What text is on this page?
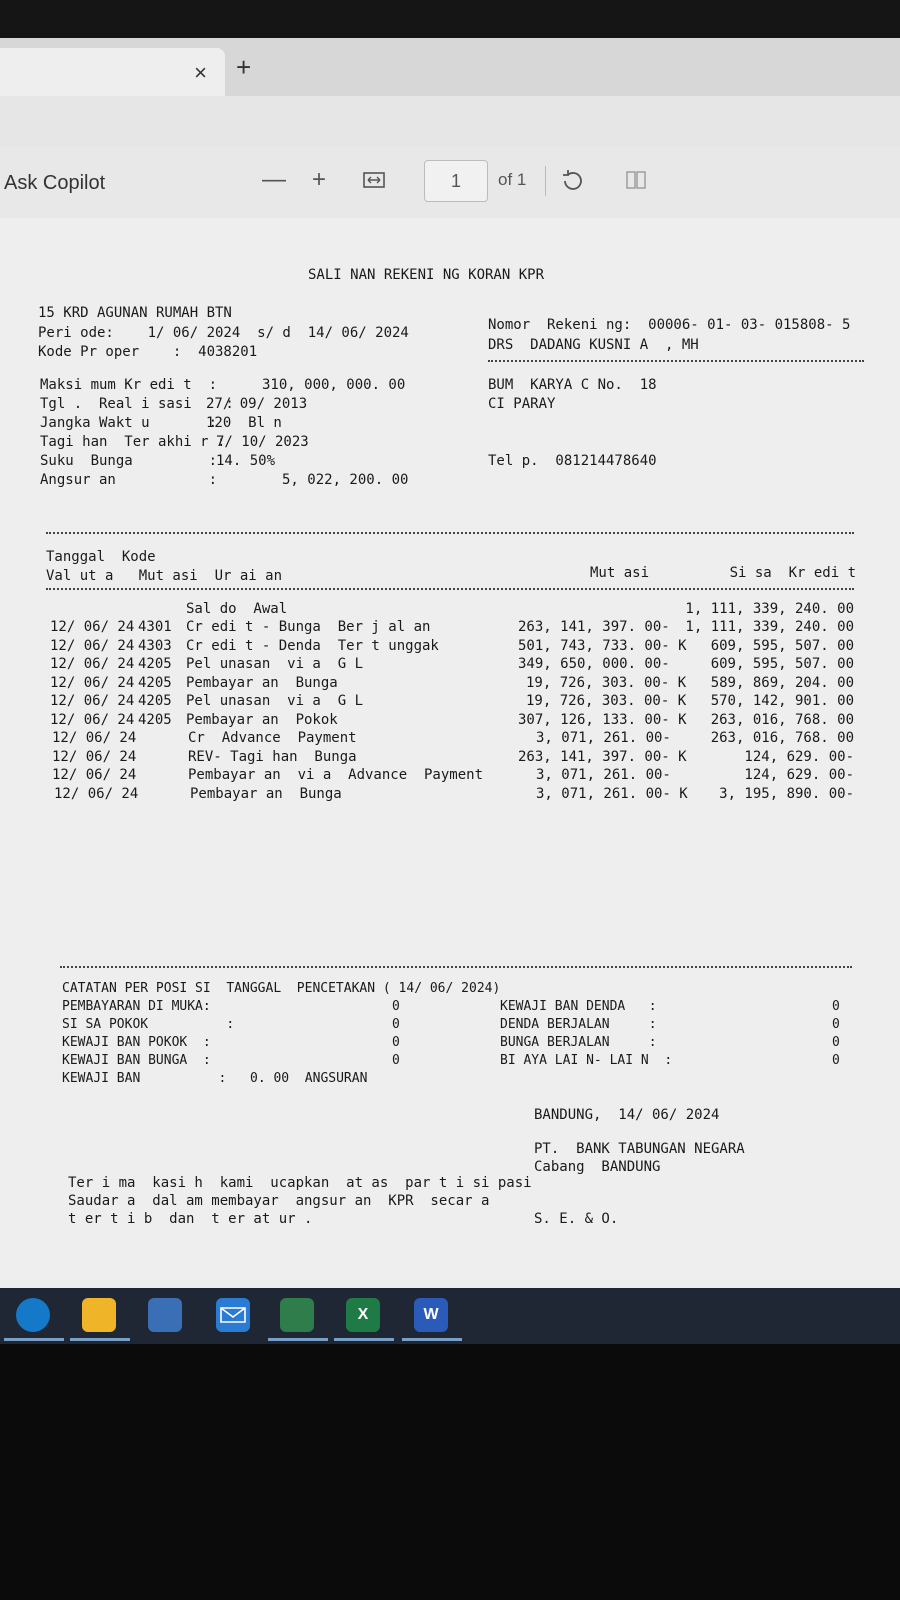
× +
Ask Copilot	— +	1	of 1
SALI NAN REKENI NG KORAN KPR
15 KRD AGUNAN RUMAH BTN
Peri ode:    1/ 06/ 2024  s/ d  14/ 06/ 2024
Kode Pr oper    :  4038201
Nomor  Rekeni ng:  00006- 01- 03- 015808- 5
DRS  DADANG KUSNI A  , MH
Maksi mum Kr edi t  :	310, 000, 000. 00
Tgl .  Real i sasi    :
27/ 09/ 2013
Jangka Wakt u       :
120  Bl n
Tagi han  Ter akhi r :
7/ 10/ 2023
Suku  Bunga         :
14. 50%
Angsur an           :	5, 022, 200. 00
BUM  KARYA C No.  18
CI PARAY
Tel p.  081214478640
Tanggal  Kode
Val ut a   Mut asi  Ur ai an	Mut asi	Si sa  Kr edi t
Sal do  Awal	1, 111, 339, 240. 00
12/ 06/ 24 4301 Cr edi t - Bunga  Ber j al an	263, 141, 397. 00-	1, 111, 339, 240. 00
12/ 06/ 24 4303 Cr edi t - Denda  Ter t unggak	501, 743, 733. 00- K	609, 595, 507. 00
12/ 06/ 24 4205 Pel unasan  vi a  G L	349, 650, 000. 00-	609, 595, 507. 00
12/ 06/ 24 4205 Pembayar an  Bunga	19, 726, 303. 00- K	589, 869, 204. 00
12/ 06/ 24 4205 Pel unasan  vi a  G L	19, 726, 303. 00- K	570, 142, 901. 00
12/ 06/ 24 4205 Pembayar an  Pokok	307, 126, 133. 00- K	263, 016, 768. 00
12/ 06/ 24	Cr  Advance  Payment	3, 071, 261. 00-	263, 016, 768. 00
12/ 06/ 24	REV- Tagi han  Bunga	263, 141, 397. 00- K	124, 629. 00-
12/ 06/ 24	Pembayar an  vi a  Advance  Payment	3, 071, 261. 00-	124, 629. 00-
12/ 06/ 24	Pembayar an  Bunga	3, 071, 261. 00- K	3, 195, 890. 00-
CATATAN PER POSI SI  TANGGAL  PENCETAKAN ( 14/ 06/ 2024)
PEMBAYARAN DI MUKA:	0
SI SA POKOK          :	0
KEWAJI BAN POKOK  :	0
KEWAJI BAN BUNGA  :	0
KEWAJI BAN          : 0. 00  ANGSURAN
KEWAJI BAN DENDA   :	0
DENDA BERJALAN     :	0
BUNGA BERJALAN     :	0
BI AYA LAI N- LAI N  :	0
BANDUNG,  14/ 06/ 2024
PT.  BANK TABUNGAN NEGARA
Cabang  BANDUNG
Ter i ma  kasi h  kami  ucapkan  at as  par t i si pasi
Saudar a  dal am membayar  angsur an  KPR  secar a
t er t i b  dan  t er at ur .	S. E. & O.
X	W
